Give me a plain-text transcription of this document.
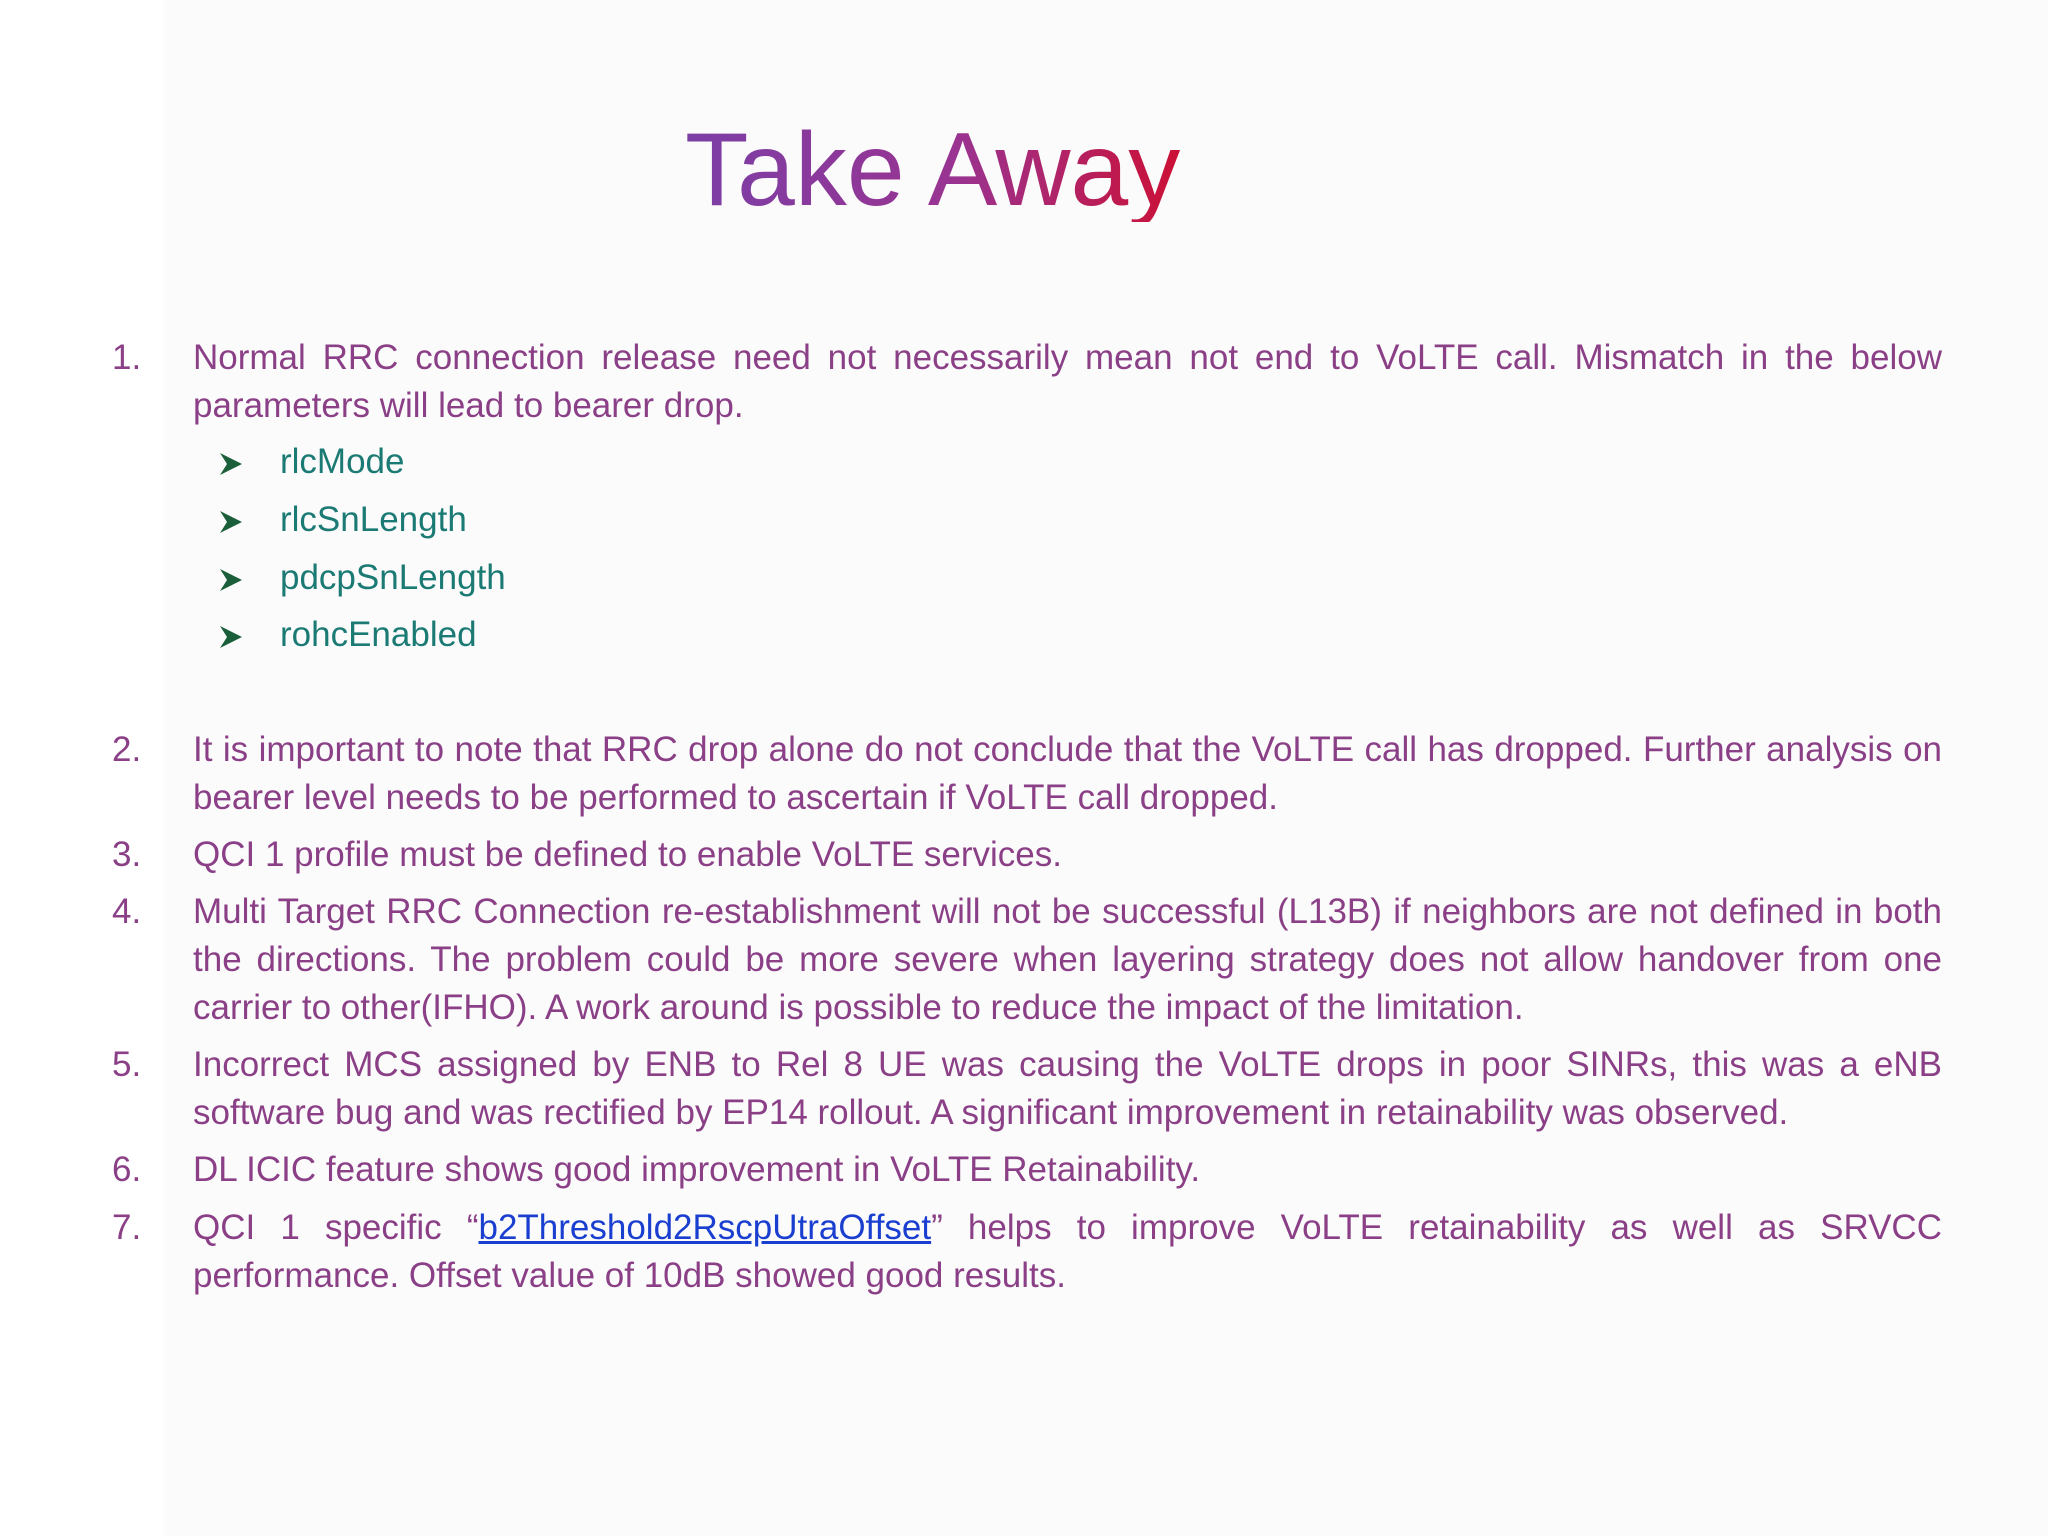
Take Away
1.	Normal RRC connection release need not necessarily mean not end to VoLTE call. Mismatch in the below parameters will lead to bearer drop.
rlcMode
rlcSnLength
pdcpSnLength
rohcEnabled
2.	It is important to note that RRC drop alone do not conclude that the VoLTE call has dropped. Further analysis on bearer level needs to be performed to ascertain if VoLTE call dropped.
3.	QCI 1 profile must be defined to enable VoLTE services.
4.	Multi Target RRC Connection re-establishment will not be successful (L13B) if neighbors are not defined in both the directions. The problem could be more severe when layering strategy does not allow handover from one carrier to other(IFHO). A work around is possible to reduce the impact of the limitation.
5.	Incorrect MCS assigned by ENB to Rel 8 UE was causing the VoLTE drops in poor SINRs, this was a eNB software bug and was rectified by EP14 rollout. A significant improvement in retainability was observed.
6.	DL ICIC feature shows good improvement in VoLTE Retainability.
7.	QCI 1 specific “b2Threshold2RscpUtraOffset” helps to improve VoLTE retainability as well as SRVCC performance. Offset value of 10dB showed good results.
